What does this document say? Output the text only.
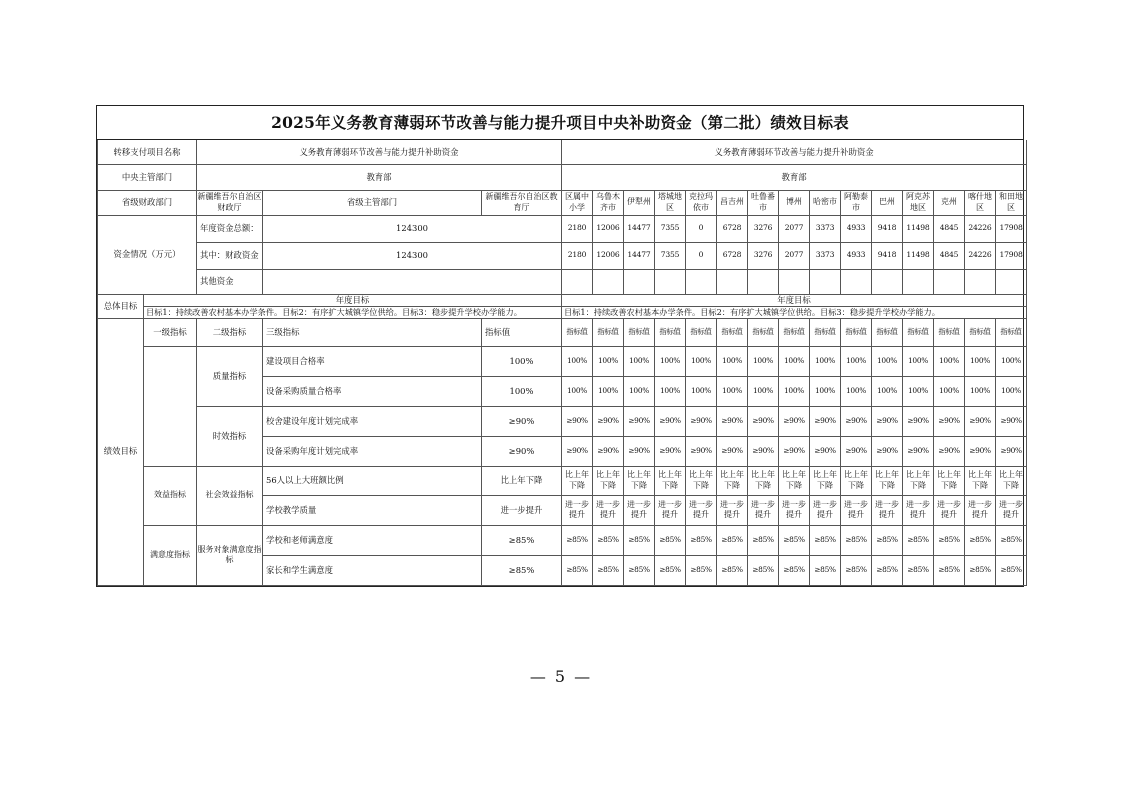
2025年义务教育薄弱环节改善与能力提升项目中央补助资金（第二批）绩效目标表
转移支付项目名称		义务教育薄弱环节改善与能力提升补助资金			义务教育薄弱环节改善与能力提升补助资金														
中央主管部门		教育部			教育部														
省级财政部门		新疆维吾尔自治区财政厅	省级主管部门	新疆维吾尔自治区教育厅	区属中小学	乌鲁木齐市	伊犁州	塔城地区	克拉玛依市	昌吉州	吐鲁番市	博州	哈密市	阿勒泰市	巴州	阿克苏地区	克州	喀什地区	和田地区
资金情况（万元）		年度资金总额：	124300		2180	12006	14477	7355	0	6728	3276	2077	3373	4933	9418	11498	4845	24226	17908
		其中：财政资金	124300		2180	12006	14477	7355	0	6728	3276	2077	3373	4933	9418	11498	4845	24226	17908
		其他资金																	
总体目标	年度目标				年度目标														
	目标1：持续改善农村基本办学条件。目标2：有序扩大城镇学位供给。目标3：稳步提升学校办学能力。				目标1：持续改善农村基本办学条件。目标2：有序扩大城镇学位供给。目标3：稳步提升学校办学能力。														
绩效目标	一级指标	二级指标	三级指标	指标值	指标值	指标值	指标值	指标值	指标值	指标值	指标值	指标值	指标值	指标值	指标值	指标值	指标值	指标值	指标值
		质量指标	建设项目合格率	100%	100%	100%	100%	100%	100%	100%	100%	100%	100%	100%	100%	100%	100%	100%	100%
			设备采购质量合格率	100%	100%	100%	100%	100%	100%	100%	100%	100%	100%	100%	100%	100%	100%	100%	100%
		时效指标	校舍建设年度计划完成率	≥90%	≥90%	≥90%	≥90%	≥90%	≥90%	≥90%	≥90%	≥90%	≥90%	≥90%	≥90%	≥90%	≥90%	≥90%	≥90%
			设备采购年度计划完成率	≥90%	≥90%	≥90%	≥90%	≥90%	≥90%	≥90%	≥90%	≥90%	≥90%	≥90%	≥90%	≥90%	≥90%	≥90%	≥90%
	效益指标	社会效益指标	56人以上大班额比例	比上年下降	比上年下降	比上年下降	比上年下降	比上年下降	比上年下降	比上年下降	比上年下降	比上年下降	比上年下降	比上年下降	比上年下降	比上年下降	比上年下降	比上年下降	比上年下降
			学校教学质量	进一步提升	进一步提升	进一步提升	进一步提升	进一步提升	进一步提升	进一步提升	进一步提升	进一步提升	进一步提升	进一步提升	进一步提升	进一步提升	进一步提升	进一步提升	进一步提升
	满意度指标	服务对象满意度指标	学校和老师满意度	≥85%	≥85%	≥85%	≥85%	≥85%	≥85%	≥85%	≥85%	≥85%	≥85%	≥85%	≥85%	≥85%	≥85%	≥85%	≥85%
			家长和学生满意度	≥85%	≥85%	≥85%	≥85%	≥85%	≥85%	≥85%	≥85%	≥85%	≥85%	≥85%	≥85%	≥85%	≥85%	≥85%	≥85%
— 5 —
